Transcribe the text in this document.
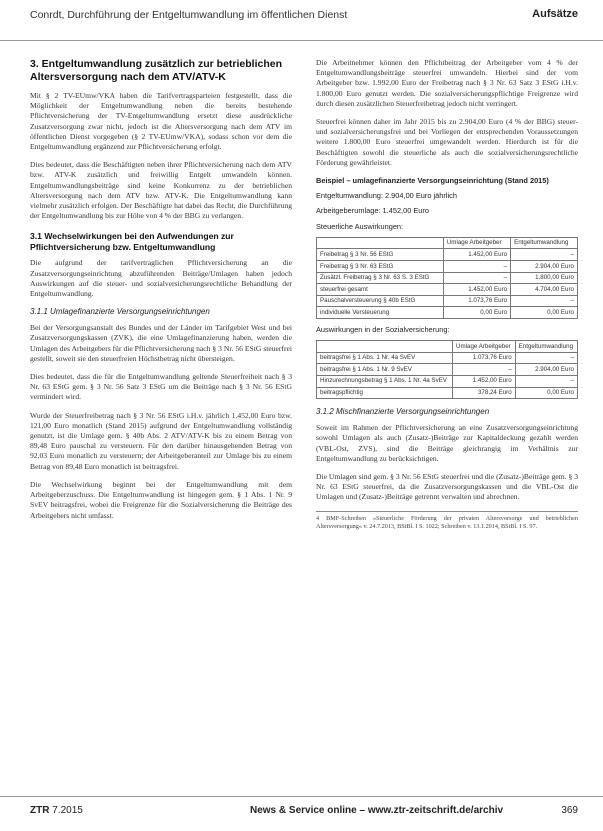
Conrdt, Durchführung der Entgeltumwandlung im öffentlichen Dienst	Aufsätze
3. Entgeltumwandlung zusätzlich zur betrieblichen Altersversorgung nach dem ATV/ATV-K

Mit § 2 TV-EUmw/VKA haben die Tarifvertragsparteien festgestellt, dass die Möglichkeit der Entgeltumwandlung neben die bereits bestehende Pflichtversicherung der TV-Entgeltumwandlung ersetzt diese ausdrückliche Zusatzversorgung zwar nicht, jedoch ist die Altersversorgung nach dem ATV im öffentlichen Dienst vorgegeben (§ 2 TV-EUmw/VKA), sodass schon vor dem die Entgeltumwandlung ergänzend zur Pflichtversicherung erfolgt.

Dies bedeutet, dass die Beschäftigten neben ihrer Pflichtversicherung nach dem ATV bzw. ATV-K zusätzlich und freiwillig Entgelt umwandeln können. Entgeltumwandlungsbeiträge sind keine Konkurrenz zu der betrieblichen Altersversorgung nach dem ATV bzw. ATV-K. Die Entgeltumwandlung kann vielmehr zusätzlich erfolgen. Der Beschäftigte hat dabei das Recht, die Durchführung der Entgeltumwandlung bis zur Höhe von 4 % der BBG zu verlangen.

3.1 Wechselwirkungen bei den Aufwendungen zur Pflichtversicherung bzw. Entgeltumwandlung

Die aufgrund der tarifvertraglichen Pflichtversicherung an die Zusatzversorgungseinrichtung abzuführenden Beiträge/Umlagen haben jedoch Auswirkungen auf die steuer- und sozialversicherungsrechtliche Behandlung der Entgeltumwandlung.

3.1.1 Umlagefinanzierte Versorgungseinrichtungen

Bei der Versorgungsanstalt des Bundes und der Länder im Tarifgebiet West und bei Zusatzversorgungskassen (ZVK), die eine Umlagefinanzierung haben, werden die Umlagen des Arbeitgebers für die Pflichtversicherung nach § 3 Nr. 56 EStG steuerfrei gestellt, soweit sie den steuerfreien Höchstbetrag nicht übersteigen.

Dies bedeutet, dass die für die Entgeltumwandlung geltende Steuerfreiheit nach § 3 Nr. 63 EStG gem. § 3 Nr. 56 Satz 3 EStG um die Beiträge nach § 3 Nr. 56 EStG vermindert wird.

Wurde der Steuerfreibetrag nach § 3 Nr. 56 EStG i.H.v. jährlich 1.452,00 Euro bzw. 121,00 Euro monatlich (Stand 2015) aufgrund der Entgeltumwandlung vollständig genutzt, ist die Umlage gem. § 40b Abs. 2 ATV/ATV-K bis zu einem Betrag von 89,48 Euro pauschal zu versteuern. Für den darüber hinausgehenden Betrag von 92,03 Euro monatlich zu versteuern; der Arbeitgeberanteil zur Umlage bis zu einem Betrag von 89,48 Euro monatlich ist beitragsfrei.

Die Wechselwirkung beginnt bei der Entgeltumwandlung mit dem Arbeitgeberzuschuss. Die Entgeltumwandlung ist hingegen gem. § 1 Abs. 1 Nr. 9 SvEV beitragsfrei, wobei die Freigrenze für die Sozialversicherung die Beiträge des Arbeitgebers nicht umfasst.

Die Arbeitnehmer können den Pflichtbeitrag der Arbeitgeber vom 4 % der Entgeltumwandlungsbeiträge steuerfrei umwandeln. Hierbei sind der vom Arbeitgeber bzw. 1.992,00 Euro der Freibetrag nach § 3 Nr. 63 Satz 3 EStG i.H.v. 1.800,00 Euro genutzt werden. Die sozialversicherungspflichtige Freigrenze wird durch diesen zusätzlichen Steuerfreibetrag jedoch nicht verringert.

Steuerfrei können daher im Jahr 2015 bis zu 2.904,00 Euro (4 % der BBG) steuer- und sozialversicherungsfrei und bei Vorliegen der entsprechenden Voraussetzungen weitere 1.800,00 Euro steuerfrei umgewandelt werden. Hierdurch ist für die Beschäftigten sowohl die steuerliche als auch die sozialversicherungsrechtliche Förderung gewährleistet.

Beispiel – umlagefinanzierte Versorgungseinrichtung (Stand 2015)
Entgeltumwandlung: 2.904,00 Euro jährlich
Arbeitgeberumlage: 1.452,00 Euro
Steuerliche Auswirkungen:
	Umlage Arbeitgeber	Entgeltumwandlung
Freibetrag § 3 Nr. 56 EStG	1.452,00 Euro	–
Freibetrag § 3 Nr. 63 EStG	–	2.904,00 Euro
Zusätzl. Freibetrag § 3 Nr. 63 S. 3 EStG	–	1.800,00 Euro
steuerfrei gesamt	1.452,00 Euro	4.704,00 Euro
Pauschalversteuerung § 40b EStG	1.073,76 Euro	–
individuelle Versteuerung	0,00 Euro	0,00 Euro
Auswirkungen in der Sozialversicherung:
	Umlage Arbeitgeber	Entgeltumwandlung
beitragsfrei § 1 Abs. 1 Nr. 4a SvEV	1.073,76 Euro	–
beitragsfrei § 1 Abs. 1 Nr. 9 SvEV	–	2.904,00 Euro
Hinzurechnungsbetrag § 1 Abs. 1 Nr. 4a SvEV	1.452,00 Euro	–
beitragspflichtig	378,24 Euro	0,00 Euro
3.1.2 Mischfinanzierte Versorgungseinrichtungen

Soweit im Rahmen der Pflichtversicherung an eine Zusatzversorgungseinrichtung sowohl Umlagen als auch (Zusatz-)Beiträge zur Kapitaldeckung gezahlt werden (VBL-Ost, ZVS), sind die Beiträge gleichrangig im Verhältnis zur Entgeltumwandlung zu berücksichtigen.

Die Umlagen sind gem. § 3 Nr. 56 EStG steuerfrei und die (Zusatz-)Beiträge gem. § 3 Nr. 63 EStG steuerfrei, da die Zusatzversorgungskassen und die VBL-Ost die Umlagen und (Zusatz-)Beiträge getrennt verwalten und abrechnen.

4 BMF-Schreiben »Steuerliche Förderung der privaten Altersvorsorge und betrieblichen Altersversorgung« v. 24.7.2013, BStBl. I S. 1022; Schreiben v. 13.1.2014, BStBl. I S. 97.
ZTR 7.2015	News & Service online – www.ztr-zeitschrift.de/archiv	369
